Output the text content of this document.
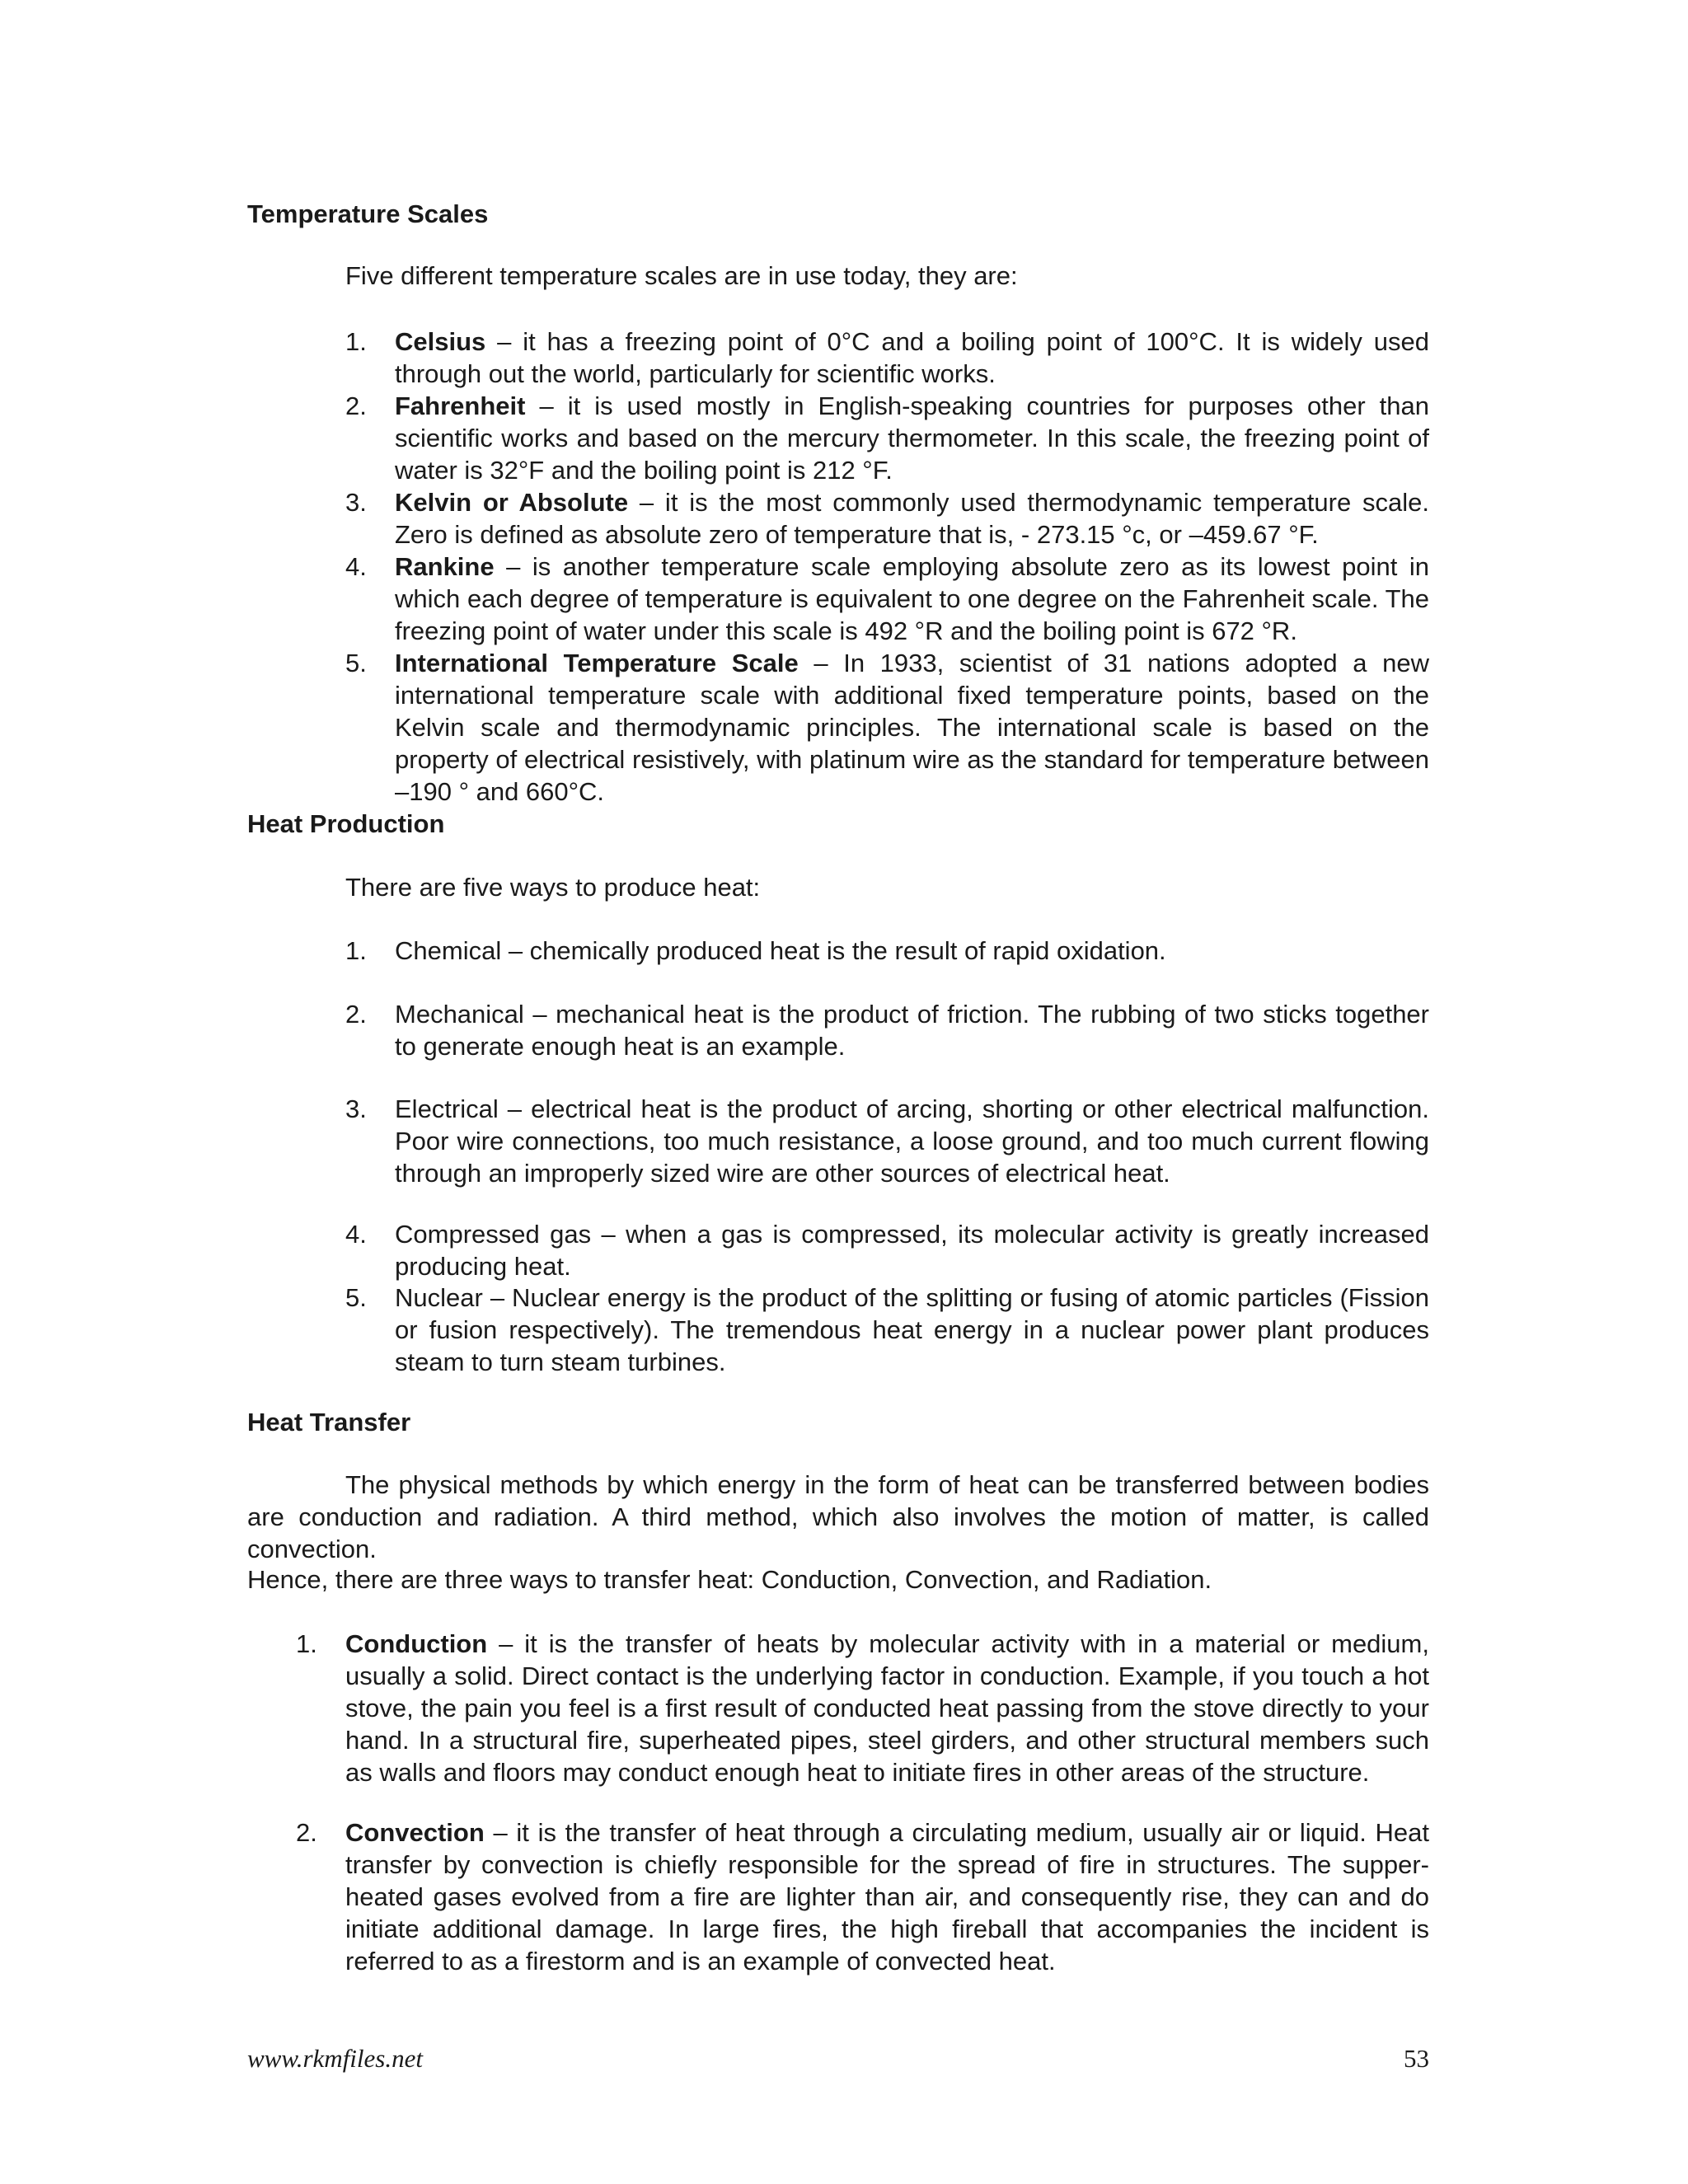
Temperature Scales
Five different temperature scales are in use today, they are:
1.	Celsius – it has a freezing point of 0°C and a boiling point of 100°C. It is widely used through out the world, particularly for scientific works.
2.	Fahrenheit – it is used mostly in English-speaking countries for purposes other than scientific works and based on the mercury thermometer. In this scale, the freezing point of water is 32°F and the boiling point is 212 °F.
3.	Kelvin or Absolute – it is the most commonly used thermodynamic temperature scale. Zero is defined as absolute zero of temperature that is, - 273.15 °c, or –459.67 °F.
4.	Rankine – is another temperature scale employing absolute zero as its lowest point in which each degree of temperature is equivalent to one degree on the Fahrenheit scale. The freezing point of water under this scale is 492 °R and the boiling point is 672 °R.
5.	International Temperature Scale – In 1933, scientist of 31 nations adopted a new international temperature scale with additional fixed temperature points, based on the Kelvin scale and thermodynamic principles. The international scale is based on the property of electrical resistively, with platinum wire as the standard for temperature between –190 ° and 660°C.
Heat Production
There are five ways to produce heat:
1.	Chemical – chemically produced heat is the result of rapid oxidation.
2.	Mechanical – mechanical heat is the product of friction. The rubbing of two sticks together to generate enough heat is an example.
3.	Electrical – electrical heat is the product of arcing, shorting or other electrical malfunction. Poor wire connections, too much resistance, a loose ground, and too much current flowing through an improperly sized wire are other sources of electrical heat.
4.	Compressed gas – when a gas is compressed, its molecular activity is greatly increased producing heat.
5.	Nuclear – Nuclear energy is the product of the splitting or fusing of atomic particles (Fission or fusion respectively). The tremendous heat energy in a nuclear power plant produces steam to turn steam turbines.
Heat Transfer
The physical methods by which energy in the form of heat can be transferred between bodies are conduction and radiation. A third method, which also involves the motion of matter, is called convection.
Hence, there are three ways to transfer heat: Conduction, Convection, and Radiation.
1.	Conduction – it is the transfer of heats by molecular activity with in a material or medium, usually a solid. Direct contact is the underlying factor in conduction. Example, if you touch a hot stove, the pain you feel is a first result of conducted heat passing from the stove directly to your hand. In a structural fire, superheated pipes, steel girders, and other structural members such as walls and floors may conduct enough heat to initiate fires in other areas of the structure.
2.	Convection – it is the transfer of heat through a circulating medium, usually air or liquid. Heat transfer by convection is chiefly responsible for the spread of fire in structures. The supper-heated gases evolved from a fire are lighter than air, and consequently rise, they can and do initiate additional damage. In large fires, the high fireball that accompanies the incident is referred to as a firestorm and is an example of convected heat.
www.rkmfiles.net	53
